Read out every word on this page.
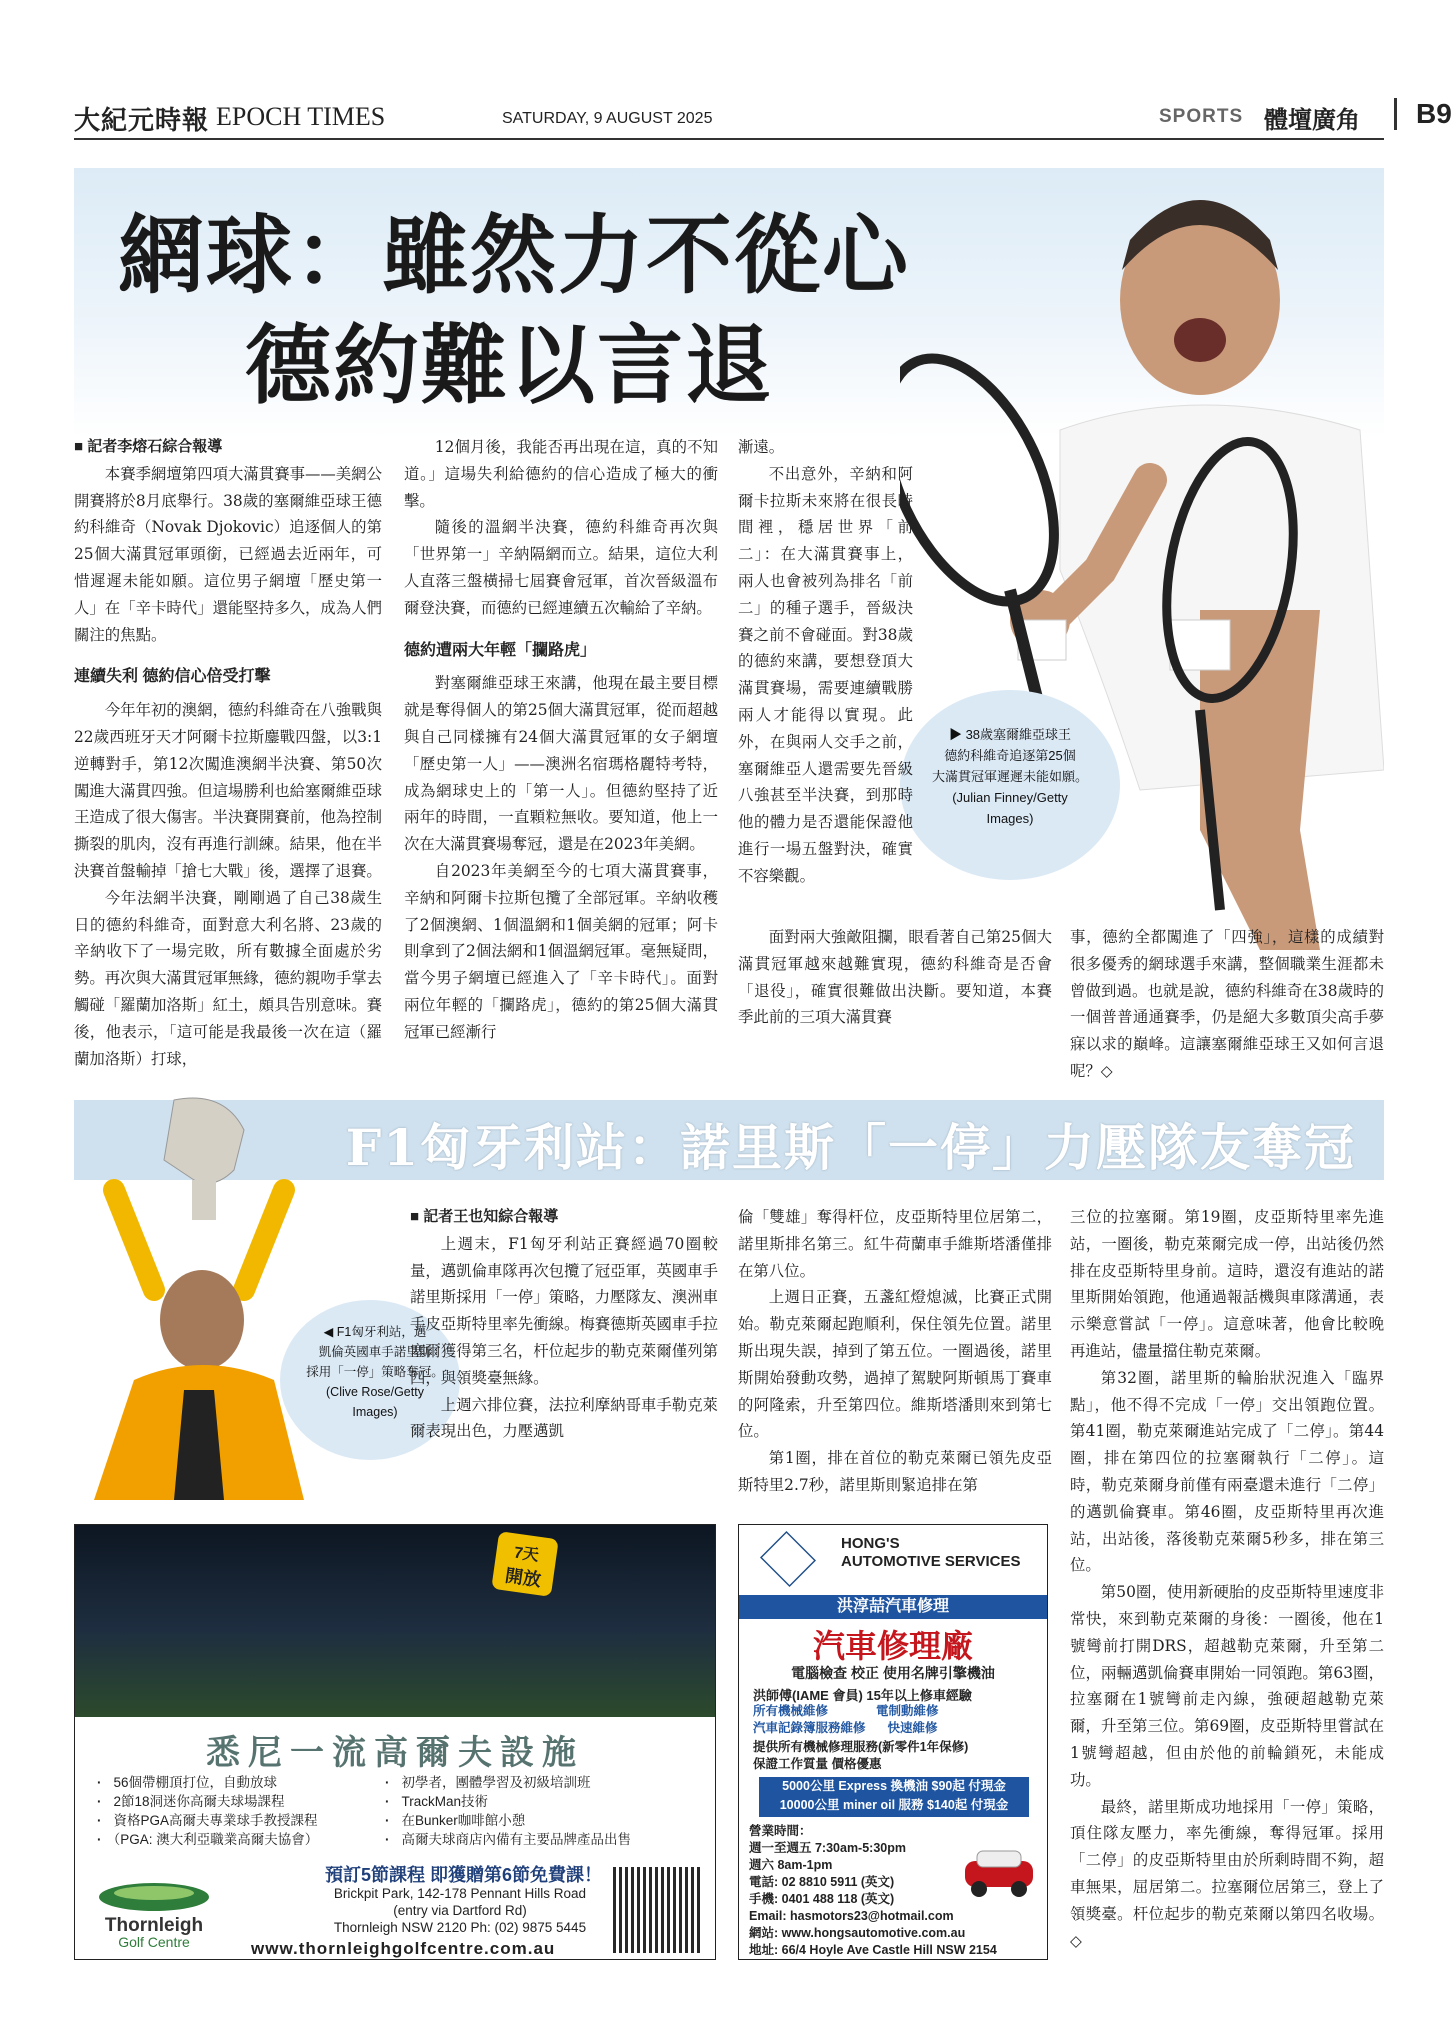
大紀元時報 EPOCH TIMES	SATURDAY, 9 AUGUST 2025	SPORTS 體壇廣角 B9
網球：雖然力不從心
德約難以言退
▶ 38歲塞爾維亞球王
德約科維奇追逐第25個
大滿貫冠軍遲遲未能如願。
(Julian Finney/Getty
Images)

■ 記者李熔石綜合報導

本賽季網壇第四項大滿貫賽事——美網公開賽將於8月底舉行。38歲的塞爾維亞球王德約科維奇（Novak Djokovic）追逐個人的第25個大滿貫冠軍頭銜，已經過去近兩年，可惜遲遲未能如願。這位男子網壇「歷史第一人」在「辛卡時代」還能堅持多久，成為人們關注的焦點。

連續失利 德約信心倍受打擊

今年年初的澳網，德約科維奇在八強戰與22歲西班牙天才阿爾卡拉斯鏖戰四盤，以3:1逆轉對手，第12次闖進澳網半決賽、第50次闖進大滿貫四強。但這場勝利也給塞爾維亞球王造成了很大傷害。半決賽開賽前，他為控制撕裂的肌肉，沒有再進行訓練。結果，他在半決賽首盤輸掉「搶七大戰」後，選擇了退賽。

今年法網半決賽，剛剛過了自己38歲生日的德約科維奇，面對意大利名將、23歲的辛納收下了一場完敗，所有數據全面處於劣勢。再次與大滿貫冠軍無緣，德約親吻手掌去觸碰「羅蘭加洛斯」紅土，頗具告別意味。賽後，他表示，「這可能是我最後一次在這（羅蘭加洛斯）打球，

12個月後，我能否再出現在這，真的不知道。」這場失利給德約的信心造成了極大的衝擊。

隨後的溫網半決賽，德約科維奇再次與「世界第一」辛納隔網而立。結果，這位大利人直落三盤橫掃七屆賽會冠軍，首次晉級溫布爾登決賽，而德約已經連續五次輸給了辛納。

德約遭兩大年輕「攔路虎」

對塞爾維亞球王來講，他現在最主要目標就是奪得個人的第25個大滿貫冠軍，從而超越與自己同樣擁有24個大滿貫冠軍的女子網壇「歷史第一人」——澳洲名宿瑪格麗特考特，成為網球史上的「第一人」。但德約堅持了近兩年的時間，一直顆粒無收。要知道，他上一次在大滿貫賽場奪冠，還是在2023年美網。

自2023年美網至今的七項大滿貫賽事，辛納和阿爾卡拉斯包攬了全部冠軍。辛納收穫了2個澳網、1個溫網和1個美網的冠軍；阿卡則拿到了2個法網和1個溫網冠軍。毫無疑問，當今男子網壇已經進入了「辛卡時代」。面對兩位年輕的「攔路虎」，德約的第25個大滿貫冠軍已經漸行

漸遠。

不出意外，辛納和阿爾卡拉斯未來將在很長時間裡，穩居世界「前二」：在大滿貫賽事上，兩人也會被列為排名「前二」的種子選手，晉級決賽之前不會碰面。對38歲的德約來講，要想登頂大滿貫賽場，需要連續戰勝兩人才能得以實現。此外，在與兩人交手之前，塞爾維亞人還需要先晉級八強甚至半決賽，到那時他的體力是否還能保證他進行一場五盤對決，確實不容樂觀。

面對兩大強敵阻攔，眼看著自己第25個大滿貫冠軍越來越難實現，德約科維奇是否會「退役」，確實很難做出決斷。要知道，本賽季此前的三項大滿貫賽

事，德約全都闖進了「四強」，這樣的成績對很多優秀的網球選手來講，整個職業生涯都未曾做到過。也就是說，德約科維奇在38歲時的一個普普通通賽季，仍是絕大多數頂尖高手夢寐以求的巔峰。這讓塞爾維亞球王又如何言退呢？◇

F1匈牙利站：諾里斯「一停」力壓隊友奪冠
◀ F1匈牙利站，邁
凱倫英國車手諾里斯
採用「一停」策略奪冠。
(Clive Rose/Getty
Images)

■ 記者王也知綜合報導

上週末，F1匈牙利站正賽經過70圈較量，邁凱倫車隊再次包攬了冠亞軍，英國車手諾里斯採用「一停」策略，力壓隊友、澳洲車手皮亞斯特里率先衝線。梅賽德斯英國車手拉塞爾獲得第三名，杆位起步的勒克萊爾僅列第四，與領獎臺無緣。

上週六排位賽，法拉利摩納哥車手勒克萊爾表現出色，力壓邁凱

倫「雙雄」奪得杆位，皮亞斯特里位居第二，諾里斯排名第三。紅牛荷蘭車手維斯塔潘僅排在第八位。

上週日正賽，五盞紅燈熄滅，比賽正式開始。勒克萊爾起跑順利，保住領先位置。諾里斯出現失誤，掉到了第五位。一圈過後，諾里斯開始發動攻勢，過掉了駕駛阿斯頓馬丁賽車的阿隆索，升至第四位。維斯塔潘則來到第七位。

第1圈，排在首位的勒克萊爾已領先皮亞斯特里2.7秒，諾里斯則緊追排在第

三位的拉塞爾。第19圈，皮亞斯特里率先進站，一圈後，勒克萊爾完成一停，出站後仍然排在皮亞斯特里身前。這時，還沒有進站的諾里斯開始領跑，他通過報話機與車隊溝通，表示樂意嘗試「一停」。這意味著，他會比較晚再進站，儘量擋住勒克萊爾。

第32圈，諾里斯的輪胎狀況進入「臨界點」，他不得不完成「一停」交出領跑位置。第41圈，勒克萊爾進站完成了「二停」。第44圈，排在第四位的拉塞爾執行「二停」。這時，勒克萊爾身前僅有兩臺還未進行「二停」的邁凱倫賽車。第46圈，皮亞斯特里再次進站，出站後，落後勒克萊爾5秒多，排在第三位。

第50圈，使用新硬胎的皮亞斯特里速度非常快，來到勒克萊爾的身後：一圈後，他在1號彎前打開DRS，超越勒克萊爾，升至第二位，兩輛邁凱倫賽車開始一同領跑。第63圈，拉塞爾在1號彎前走內線，強硬超越勒克萊爾，升至第三位。第69圈，皮亞斯特里嘗試在1號彎超越，但由於他的前輪鎖死，未能成功。

最終，諾里斯成功地採用「一停」策略，頂住隊友壓力，率先衝線，奪得冠軍。採用「二停」的皮亞斯特里由於所剩時間不夠，超車無果，屈居第二。拉塞爾位居第三，登上了領獎臺。杆位起步的勒克萊爾以第四名收場。◇

7天
開放
悉尼一流高爾夫設施
· 56個帶棚頂打位，自動放球
· 2節18洞迷你高爾夫球場課程
· 資格PGA高爾夫專業球手教授課程
· （PGA: 澳大利亞職業高爾夫協會）
· 初學者，團體學習及初級培訓班
· TrackMan技術
· 在Bunker咖啡館小憩
· 高爾夫球商店內備有主要品牌產品出售
Thornleigh
Golf Centre
預訂5節課程 即獲贈第6節免費課！
Brickpit Park, 142-178 Pennant Hills Road
(entry via Dartford Rd)
Thornleigh NSW 2120 Ph: (02) 9875 5445
www.thornleighgolfcentre.com.au
HONG'S
AUTOMOTIVE SERVICES
洪淳喆汽車修理
汽車修理廠
電腦檢查 校正 使用名牌引擎機油
洪師傅(IAME 會員) 15年以上修車經驗
所有機械維修	電制動維修
汽車記錄簿服務維修 快速維修
提供所有機械修理服務(新零件1年保修)
保證工作質量 價格優惠
5000公里 Express 換機油 $90起 付現金
10000公里 miner oil 服務 $140起 付現金
營業時間：
週一至週五 7:30am-5:30pm
週六 8am-1pm
電話: 02 8810 5911 (英文)
手機: 0401 488 118 (英文)
Email: hasmotors23@hotmail.com
網站: www.hongsautomotive.com.au
地址: 66/4 Hoyle Ave Castle Hill NSW 2154
